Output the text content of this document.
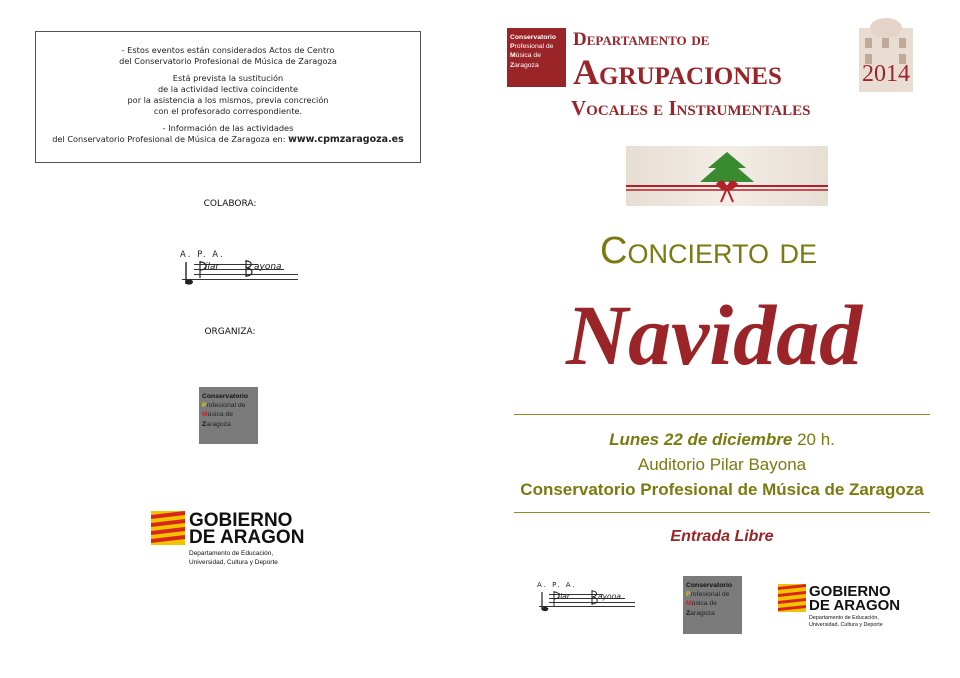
- Estos eventos están considerados Actos de Centro
del Conservatorio Profesional de Música de Zaragoza

Está prevista la sustitución
de la actividad lectiva coincidente
por la asistencia a los mismos, previa concreción
con el profesorado correspondiente.

- Información de las actividades
del Conservatorio Profesional de Música de Zaragoza en: www.cpmzaragoza.es

COLABORA:
A. P. A.
ilar	ayona
ORGANIZA:
Conservatorio
Profesional de
Música de
Zaragoza
GOBIERNO
DE ARAGON
Departamento de Educación,
Universidad, Cultura y Deporte
Conservatorio
Profesional de
Música de
Zaragoza
Departamento de
Agrupaciones
Vocales e Instrumentales
2014
Concierto de
Navidad
Lunes 22 de diciembre 20 h.
Auditorio Pilar Bayona
Conservatorio Profesional de Música de Zaragoza
Entrada Libre
A. P. A.
ilar	ayona
Conservatorio
Profesional de
Música de
Zaragoza
GOBIERNO
DE ARAGON
Departamento de Educación,
Universidad, Cultura y Deporte
